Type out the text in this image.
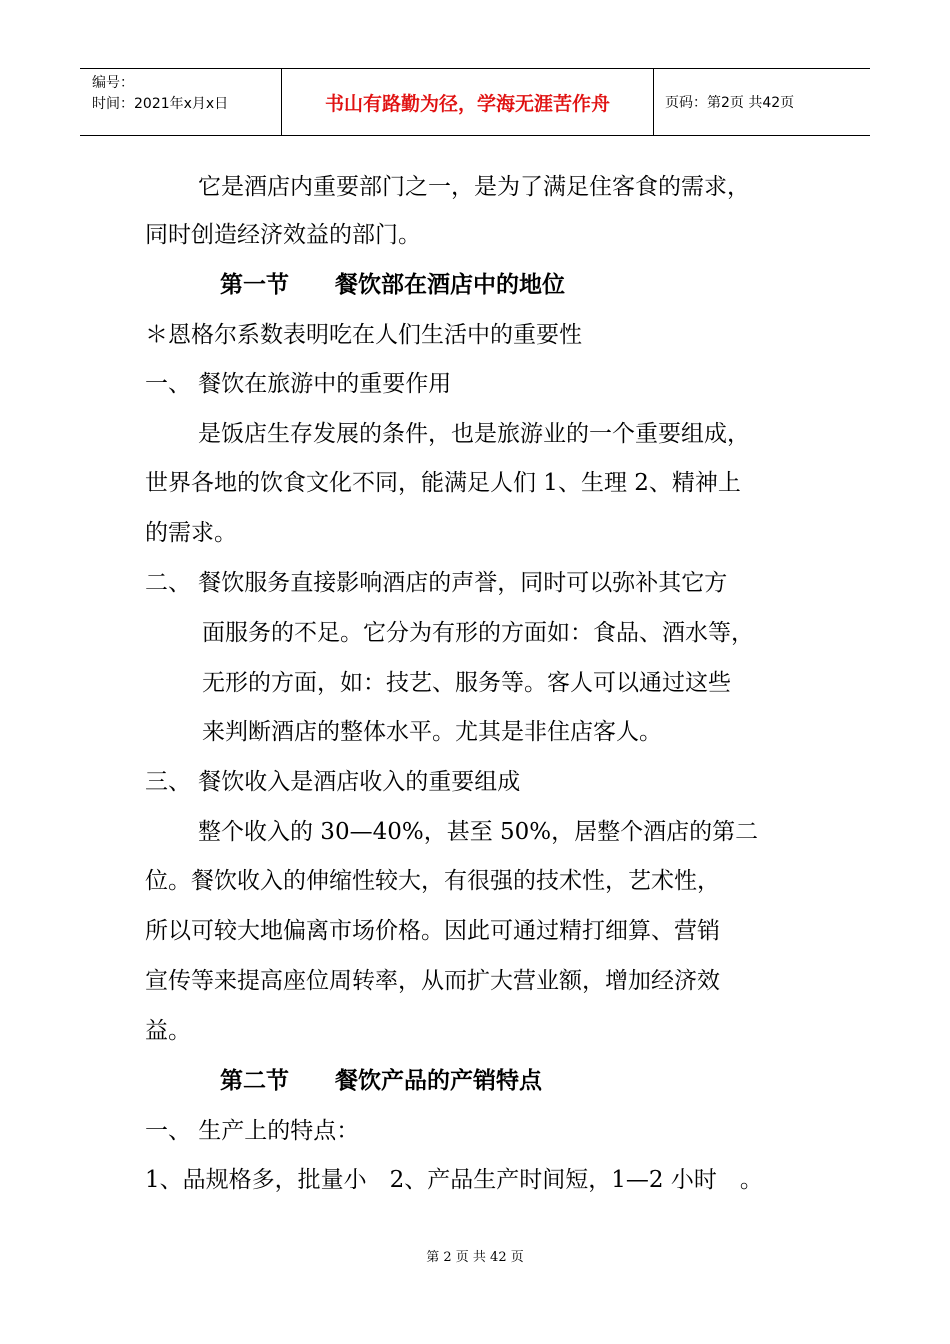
编号：
时间：2021年x月x日	书山有路勤为径，学海无涯苦作舟	页码：第2页 共42页
它是酒店内重要部门之一，是为了满足住客食的需求，
同时创造经济效益的部门。
第一节　　餐饮部在酒店中的地位
＊恩格尔系数表明吃在人们生活中的重要性
一、 餐饮在旅游中的重要作用
是饭店生存发展的条件，也是旅游业的一个重要组成，
世界各地的饮食文化不同，能满足人们 1、生理 2、精神上
的需求。
二、 餐饮服务直接影响酒店的声誉，同时可以弥补其它方
面服务的不足。它分为有形的方面如：食品、酒水等，
无形的方面，如：技艺、服务等。客人可以通过这些
来判断酒店的整体水平。尤其是非住店客人。
三、 餐饮收入是酒店收入的重要组成
整个收入的 30—40%，甚至 50%，居整个酒店的第二
位。餐饮收入的伸缩性较大，有很强的技术性，艺术性，
所以可较大地偏离市场价格。因此可通过精打细算、营销
宣传等来提高座位周转率，从而扩大营业额，增加经济效
益。
第二节　　餐饮产品的产销特点
一、 生产上的特点：
1、品规格多，批量小　2、产品生产时间短，1—2 小时　。
第 2 页 共 42 页
